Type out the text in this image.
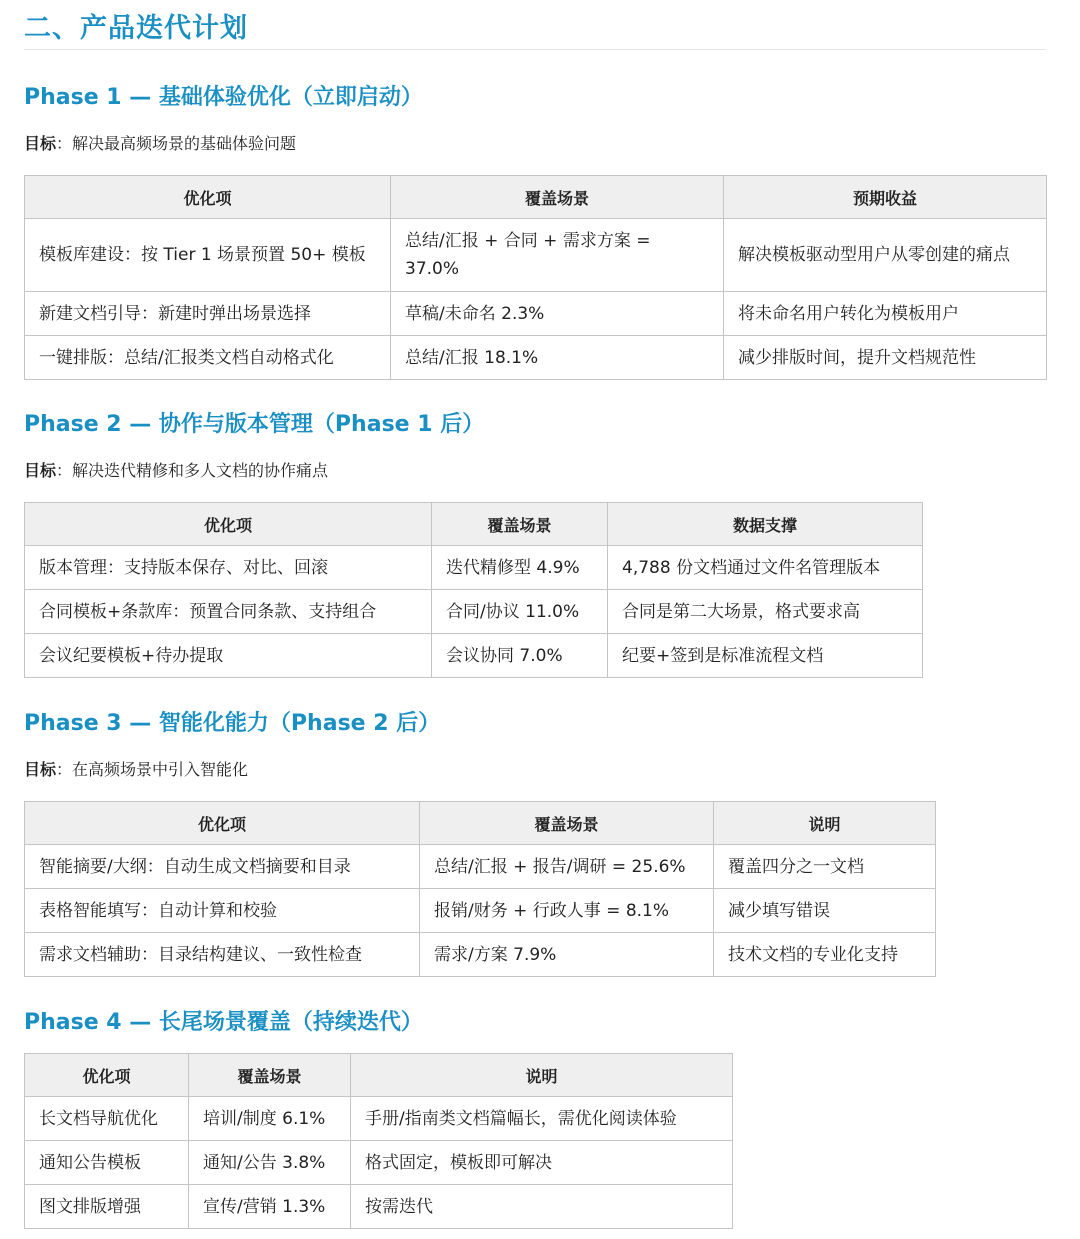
二、产品迭代计划
Phase 1 — 基础体验优化（立即启动）
目标：解决最高频场景的基础体验问题
优化项	覆盖场景	预期收益
模板库建设：按 Tier 1 场景预置 50+ 模板	总结/汇报 + 合同 + 需求方案 = 37.0%	解决模板驱动型用户从零创建的痛点
新建文档引导：新建时弹出场景选择	草稿/未命名 2.3%	将未命名用户转化为模板用户
一键排版：总结/汇报类文档自动格式化	总结/汇报 18.1%	减少排版时间，提升文档规范性
Phase 2 — 协作与版本管理（Phase 1 后）
目标：解决迭代精修和多人文档的协作痛点
优化项	覆盖场景	数据支撑
版本管理：支持版本保存、对比、回滚	迭代精修型 4.9%	4,788 份文档通过文件名管理版本
合同模板+条款库：预置合同条款、支持组合	合同/协议 11.0%	合同是第二大场景，格式要求高
会议纪要模板+待办提取	会议协同 7.0%	纪要+签到是标准流程文档
Phase 3 — 智能化能力（Phase 2 后）
目标：在高频场景中引入智能化
优化项	覆盖场景	说明
智能摘要/大纲：自动生成文档摘要和目录	总结/汇报 + 报告/调研 = 25.6%	覆盖四分之一文档
表格智能填写：自动计算和校验	报销/财务 + 行政人事 = 8.1%	减少填写错误
需求文档辅助：目录结构建议、一致性检查	需求/方案 7.9%	技术文档的专业化支持
Phase 4 — 长尾场景覆盖（持续迭代）
优化项	覆盖场景	说明
长文档导航优化	培训/制度 6.1%	手册/指南类文档篇幅长，需优化阅读体验
通知公告模板	通知/公告 3.8%	格式固定，模板即可解决
图文排版增强	宣传/营销 1.3%	按需迭代
